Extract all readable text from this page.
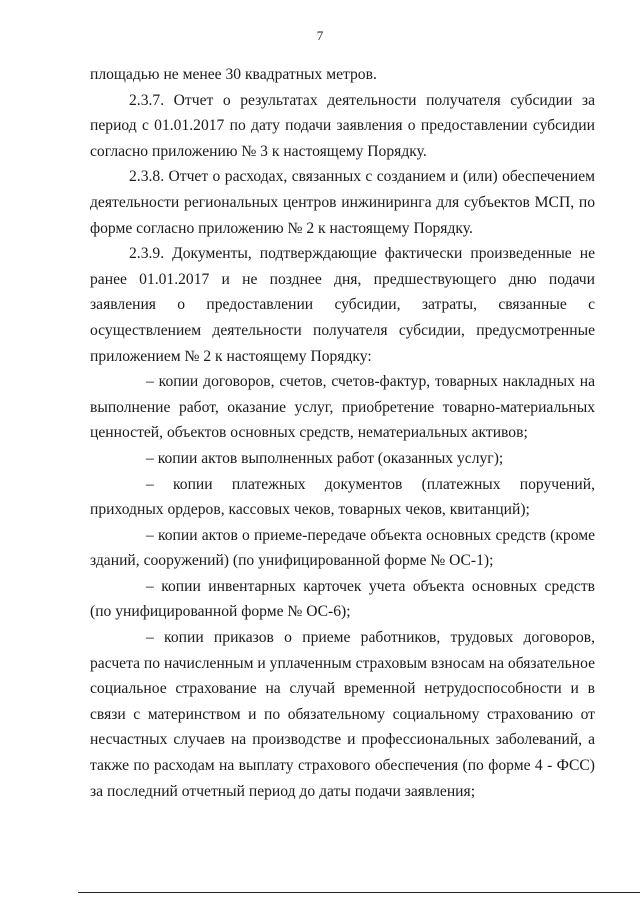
7

площадью не менее 30 квадратных метров.

2.3.7. Отчет о результатах деятельности получателя субсидии за период с 01.01.2017 по дату подачи заявления о предоставлении субсидии согласно приложению № 3 к настоящему Порядку.

2.3.8. Отчет о расходах, связанных с созданием и (или) обеспечением деятельности региональных центров инжиниринга для субъектов МСП, по форме согласно приложению № 2 к настоящему Порядку.

2.3.9. Документы, подтверждающие фактически произведенные не ранее 01.01.2017 и не позднее дня, предшествующего дню подачи заявления о предоставлении субсидии, затраты, связанные с осуществлением деятельности получателя субсидии, предусмотренные приложением № 2 к настоящему Порядку:

– копии договоров, счетов, счетов-фактур, товарных накладных на выполнение работ, оказание услуг, приобретение товарно-материальных ценностей, объектов основных средств, нематериальных активов;

– копии актов выполненных работ (оказанных услуг);

– копии платежных документов (платежных поручений, приходных ордеров, кассовых чеков, товарных чеков, квитанций);

– копии актов о приеме-передаче объекта основных средств (кроме зданий, сооружений) (по унифицированной форме № ОС-1);

– копии инвентарных карточек учета объекта основных средств (по унифицированной форме № ОС-6);

– копии приказов о приеме работников, трудовых договоров, расчета по начисленным и уплаченным страховым взносам на обязательное социальное страхование на случай временной нетрудоспособности и в связи с материнством и по обязательному социальному страхованию от несчастных случаев на производстве и профессиональных заболеваний, а также по расходам на выплату страхового обеспечения (по форме 4 - ФСС) за последний отчетный период до даты подачи заявления;
